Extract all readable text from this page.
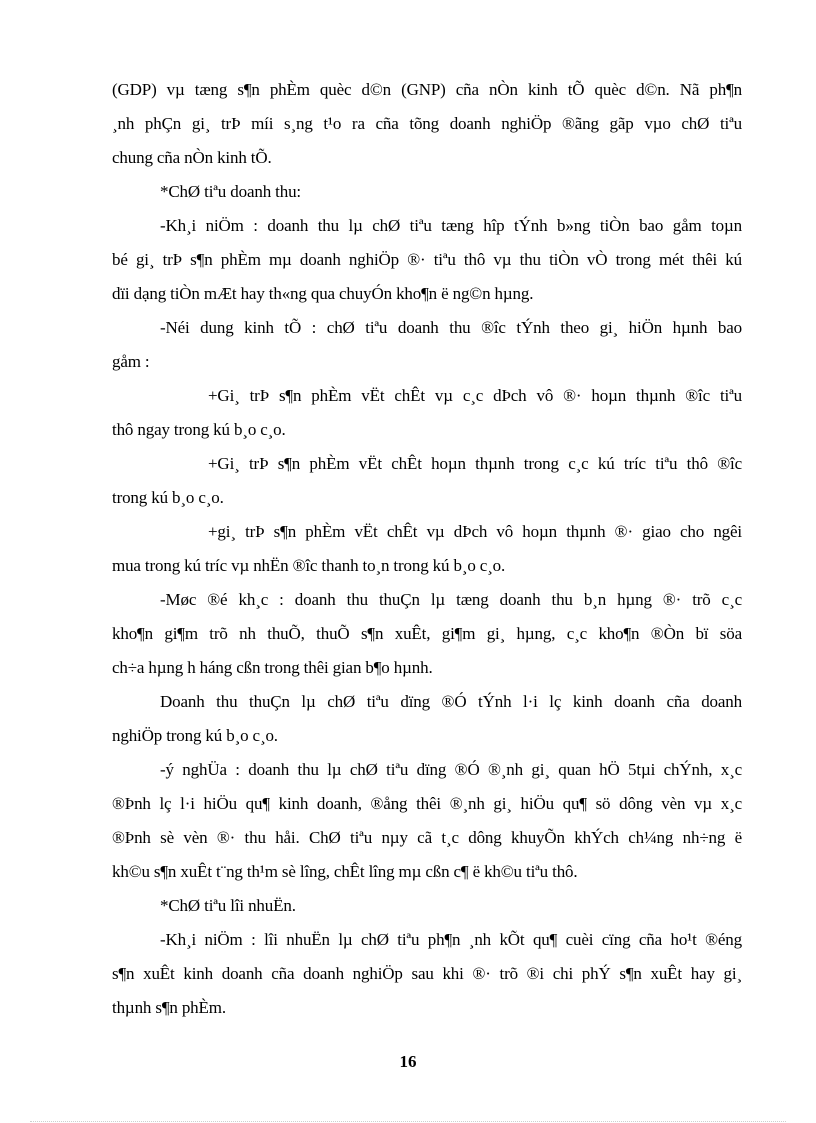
(GDP) vµ tæng s¶n phÈm quèc d©n (GNP) cña nÒn kinh tÕ quèc d©n. Nã ph¶n
¸nh phÇn gi¸ trÞ míi s¸ng t¹o ra cña tõng doanh nghiÖp ®ãng gãp vµo chØ tiªu
chung cña nÒn kinh tÕ.
*ChØ tiªu doanh thu:
-Kh¸i niÖm : doanh thu lµ chØ tiªu tæng hîp tÝnh b»ng tiÒn bao gåm toµn
bé gi¸ trÞ s¶n phÈm mµ doanh nghiÖp ®· tiªu thô vµ thu tiÒn vÒ trong mét thêi kú
dïi dạng tiÒn mÆt hay th«ng qua chuyÓn kho¶n ë ng©n hµng.
-Néi dung kinh tÕ : chØ tiªu doanh thu ®îc tÝnh theo gi¸ hiÖn hµnh bao
gåm :
+Gi¸ trÞ s¶n phÈm vËt chÊt vµ c¸c dÞch vô ®· hoµn thµnh ®îc tiªu
thô ngay trong kú b¸o c¸o.
+Gi¸ trÞ s¶n phÈm vËt chÊt hoµn thµnh trong c¸c kú tríc tiªu thô ®îc
trong kú b¸o c¸o.
+gi¸ trÞ s¶n phÈm vËt chÊt vµ dÞch vô hoµn thµnh ®· giao cho ngêi
mua trong kú tríc vµ nhËn ®îc thanh to¸n trong kú b¸o c¸o.
-Møc ®é kh¸c : doanh thu thuÇn lµ tæng doanh thu b¸n hµng ®· trõ c¸c
kho¶n gi¶m trõ nh thuÕ, thuÕ s¶n xuÊt, gi¶m gi¸ hµng, c¸c kho¶n ®Òn bï söa
ch÷a hµng h háng cßn trong thêi gian b¶o hµnh.
Doanh thu thuÇn lµ chØ tiªu dïng ®Ó tÝnh l·i lç kinh doanh cña doanh
nghiÖp trong kú b¸o c¸o.
-ý nghÜa : doanh thu lµ chØ tiªu dïng ®Ó ®¸nh gi¸ quan hÖ 5tµi chÝnh, x¸c
®Þnh lç l·i hiÖu qu¶ kinh doanh, ®ång thêi ®¸nh gi¸ hiÖu qu¶ sö dông vèn vµ x¸c
®Þnh sè vèn ®· thu håi. ChØ tiªu nµy cã t¸c dông khuyÕn khÝch ch¼ng nh÷ng ë
kh©u s¶n xuÊt t¨ng th¹m sè lîng, chÊt lîng mµ cßn c¶ ë kh©u tiªu thô.
*ChØ tiªu lîi nhuËn.
-Kh¸i niÖm : lîi nhuËn lµ chØ tiªu ph¶n ¸nh kÕt qu¶ cuèi cïng cña ho¹t ®éng
s¶n xuÊt kinh doanh cña doanh nghiÖp sau khi ®· trõ ®i chi phÝ s¶n xuÊt hay gi¸
thµnh s¶n phÈm.
16
